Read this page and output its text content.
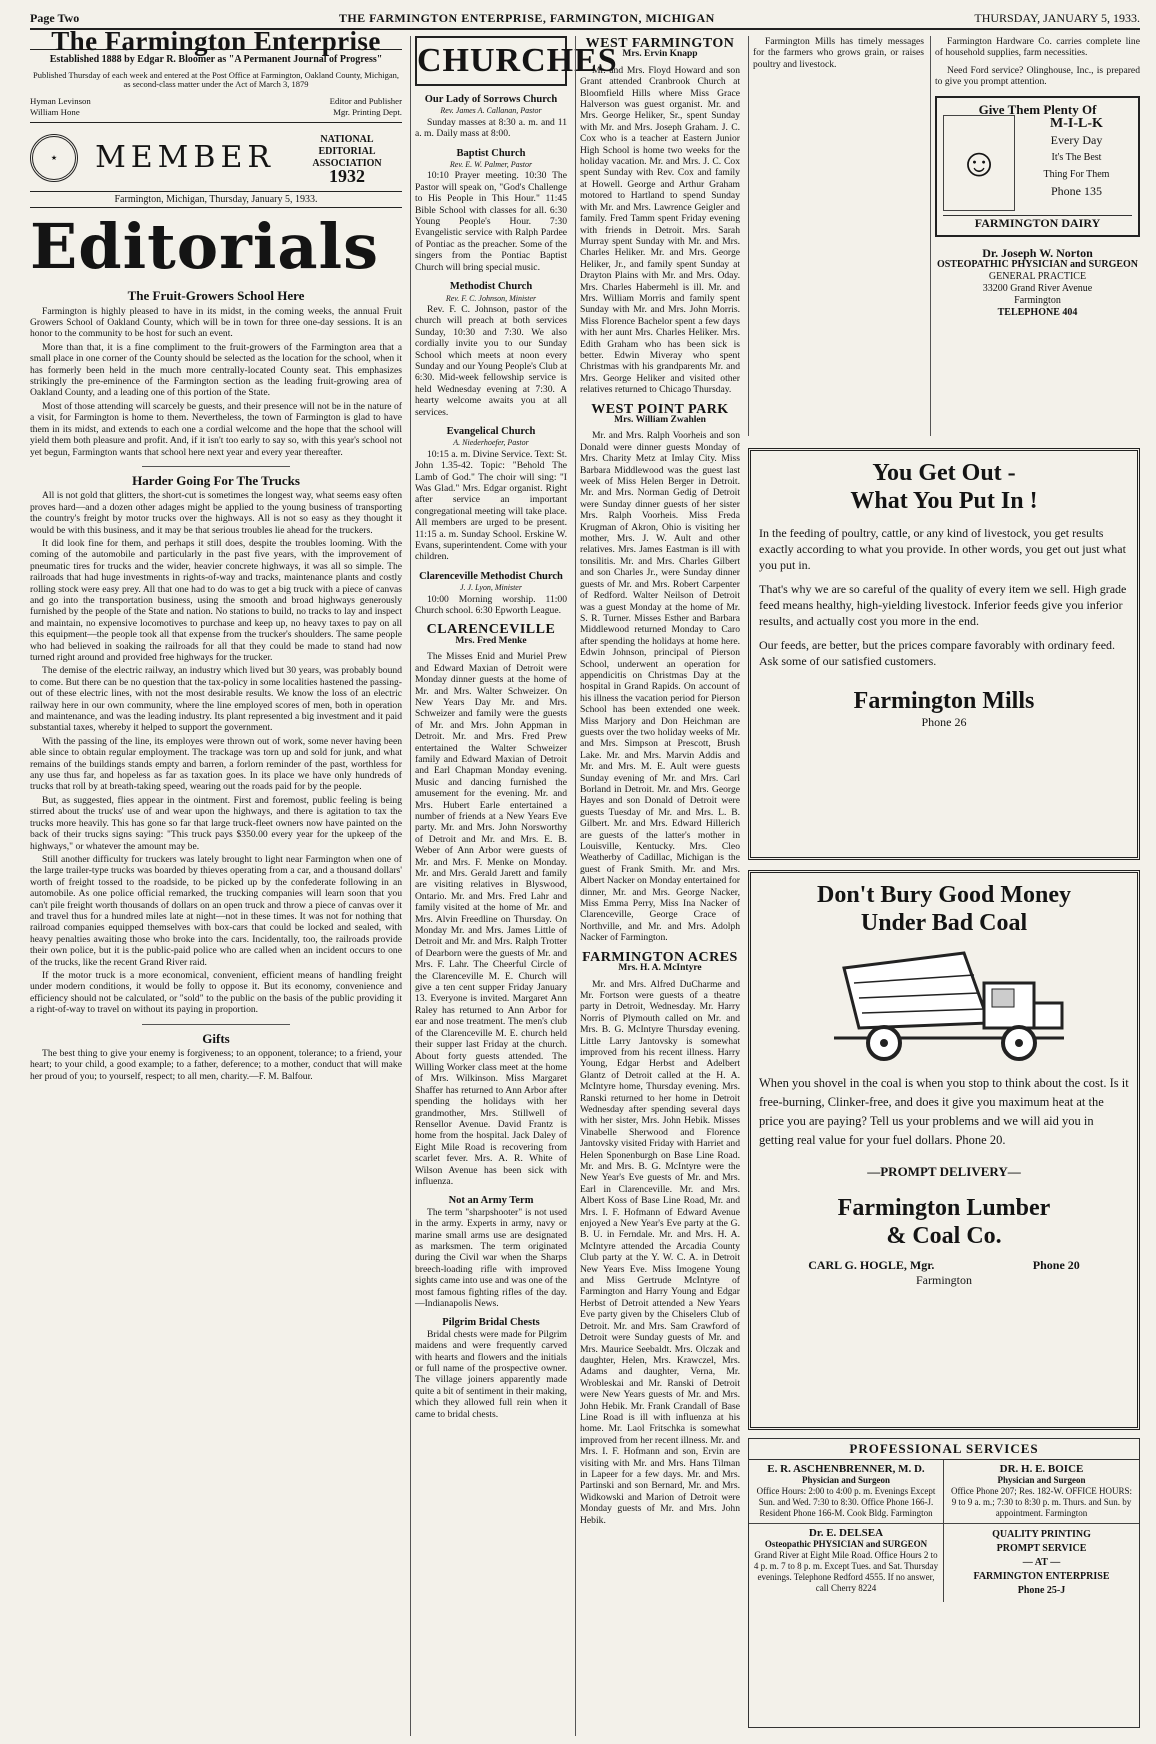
Page Two	THE FARMINGTON ENTERPRISE, FARMINGTON, MICHIGAN	THURSDAY, JANUARY 5, 1933.
The Farmington Enterprise
Established 1888 by Edgar R. Bloomer as "A Permanent Journal of Progress"
Published Thursday of each week and entered at the Post Office at Farmington, Oakland County, Michigan, as second-class matter under the Act of March 3, 1879
Hyman Levinson
William Hone
Editor and Publisher
Mgr. Printing Dept.
★	MEMBER
NATIONAL EDITORIAL ASSOCIATION
1932
Farmington, Michigan, Thursday, January 5, 1933.
Editorials
The Fruit-Growers School Here

Farmington is highly pleased to have in its midst, in the coming weeks, the annual Fruit Growers School of Oakland County, which will be in town for three one-day sessions. It is an honor to the community to be host for such an event.

More than that, it is a fine compliment to the fruit-growers of the Farmington area that a small place in one corner of the County should be selected as the location for the school, when it has formerly been held in the much more centrally-located County seat. This emphasizes strikingly the pre-eminence of the Farmington section as the leading fruit-growing area of Oakland County, and a leading one of this portion of the State.

Most of those attending will scarcely be guests, and their presence will not be in the nature of a visit, for Farmington is home to them. Nevertheless, the town of Farmington is glad to have them in its midst, and extends to each one a cordial welcome and the hope that the school will yield them both pleasure and profit. And, if it isn't too early to say so, with this year's school not yet begun, Farmington wants that school here next year and every year thereafter.

Harder Going For The Trucks

All is not gold that glitters, the short-cut is sometimes the longest way, what seems easy often proves hard—and a dozen other adages might be applied to the young business of transporting the country's freight by motor trucks over the highways. All is not so easy as they thought it would be with this business, and it may be that serious troubles lie ahead for the truckers.

It did look fine for them, and perhaps it still does, despite the troubles looming. With the coming of the automobile and particularly in the past five years, with the improvement of pneumatic tires for trucks and the wider, heavier concrete highways, it was all so simple. The railroads that had huge investments in rights-of-way and tracks, maintenance plants and costly rolling stock were easy prey. All that one had to do was to get a big truck with a piece of canvas and go into the transportation business, using the smooth and broad highways generously furnished by the people of the State and nation. No stations to build, no tracks to lay and inspect and maintain, no expensive locomotives to purchase and keep up, no heavy taxes to pay on all this equipment—the people took all that expense from the trucker's shoulders. The same people who had believed in soaking the railroads for all that they could be made to stand had now turned right around and provided free highways for the trucker.

The demise of the electric railway, an industry which lived but 30 years, was probably bound to come. But there can be no question that the tax-policy in some localities hastened the passing-out of these electric lines, with not the most desirable results. We know the loss of an electric railway here in our own community, where the line employed scores of men, both in operation and maintenance, and was the leading industry. Its plant represented a big investment and it paid substantial taxes, whereby it helped to support the government.

With the passing of the line, its employes were thrown out of work, some never having been able since to obtain regular employment. The trackage was torn up and sold for junk, and what remains of the buildings stands empty and barren, a forlorn reminder of the past, worthless for any use thus far, and hopeless as far as taxation goes. In its place we have only hundreds of trucks that roll by at breath-taking speed, wearing out the roads paid for by the people.

But, as suggested, flies appear in the ointment. First and foremost, public feeling is being stirred about the trucks' use of and wear upon the highways, and there is agitation to tax the trucks more heavily. This has gone so far that large truck-fleet owners now have painted on the back of their trucks signs saying: "This truck pays $350.00 every year for the upkeep of the highways," or whatever the amount may be.

Still another difficulty for truckers was lately brought to light near Farmington when one of the large trailer-type trucks was boarded by thieves operating from a car, and a thousand dollars' worth of freight tossed to the roadside, to be picked up by the confederate following in an automobile. As one police official remarked, the trucking companies will learn soon that you can't pile freight worth thousands of dollars on an open truck and throw a piece of canvas over it and travel thus for a hundred miles late at night—not in these times. It was not for nothing that railroad companies equipped themselves with box-cars that could be locked and sealed, with heavy penalties awaiting those who broke into the cars. Incidentally, too, the railroads provide their own police, but it is the public-paid police who are called when an incident occurs to one of the trucks, like the recent Grand River raid.

If the motor truck is a more economical, convenient, efficient means of handling freight under modern conditions, it would be folly to oppose it. But its economy, convenience and efficiency should not be calculated, or "sold" to the public on the basis of the public providing it a right-of-way to travel on without its paying in proportion.

Gifts

The best thing to give your enemy is forgiveness; to an opponent, tolerance; to a friend, your heart; to your child, a good example; to a father, deference; to a mother, conduct that will make her proud of you; to yourself, respect; to all men, charity.—F. M. Balfour.

CHURCHES
Our Lady of Sorrows Church
Rev. James A. Callanan, Pastor

Sunday masses at 8:30 a. m. and 11 a. m. Daily mass at 8:00.

Baptist Church
Rev. E. W. Palmer, Pastor

10:10 Prayer meeting. 10:30 The Pastor will speak on, "God's Challenge to His People in This Hour." 11:45 Bible School with classes for all. 6:30 Young People's Hour. 7:30 Evangelistic service with Ralph Pardee of Pontiac as the preacher. Some of the singers from the Pontiac Baptist Church will bring special music.

Methodist Church
Rev. F. C. Johnson, Minister

Rev. F. C. Johnson, pastor of the church will preach at both services Sunday, 10:30 and 7:30. We also cordially invite you to our Sunday School which meets at noon every Sunday and our Young People's Club at 6:30. Mid-week fellowship service is held Wednesday evening at 7:30. A hearty welcome awaits you at all services.

Evangelical Church
A. Niederhoefer, Pastor

10:15 a. m. Divine Service. Text: St. John 1.35-42. Topic: "Behold The Lamb of God." The choir will sing: "I Was Glad." Mrs. Edgar organist. Right after service an important congregational meeting will take place. All members are urged to be present. 11:15 a. m. Sunday School. Erskine W. Evans, superintendent. Come with your children.

Clarenceville Methodist Church
J. J. Lyon, Minister

10:00 Morning worship. 11:00 Church school. 6:30 Epworth League.

CLARENCEVILLE
Mrs. Fred Menke

The Misses Enid and Muriel Prew and Edward Maxian of Detroit were Monday dinner guests at the home of Mr. and Mrs. Walter Schweizer. On New Years Day Mr. and Mrs. Schweizer and family were the guests of Mr. and Mrs. John Appman in Detroit. Mr. and Mrs. Fred Prew entertained the Walter Schweizer family and Edward Maxian of Detroit and Earl Chapman Monday evening. Music and dancing furnished the amusement for the evening. Mr. and Mrs. Hubert Earle entertained a number of friends at a New Years Eve party. Mr. and Mrs. John Norsworthy of Detroit and Mr. and Mrs. E. B. Weber of Ann Arbor were guests of Mr. and Mrs. F. Menke on Monday. Mr. and Mrs. Gerald Jarett and family are visiting relatives in Blyswood, Ontario. Mr. and Mrs. Fred Lahr and family visited at the home of Mr. and Mrs. Alvin Freedline on Thursday. On Monday Mr. and Mrs. James Little of Detroit and Mr. and Mrs. Ralph Trotter of Dearborn were the guests of Mr. and Mrs. F. Lahr. The Cheerful Circle of the Clarenceville M. E. Church will give a ten cent supper Friday January 13. Everyone is invited. Margaret Ann Raley has returned to Ann Arbor for ear and nose treatment. The men's club of the Clarenceville M. E. church held their supper last Friday at the church. About forty guests attended. The Willing Worker class meet at the home of Mrs. Wilkinson. Miss Margaret Shaffer has returned to Ann Arbor after spending the holidays with her grandmother, Mrs. Stillwell of Rensellor Avenue. David Frantz is home from the hospital. Jack Daley of Eight Mile Road is recovering from scarlet fever. Mrs. A. R. White of Wilson Avenue has been sick with influenza.

Not an Army Term

The term "sharpshooter" is not used in the army. Experts in army, navy or marine small arms use are designated as marksmen. The term originated during the Civil war when the Sharps breech-loading rifle with improved sights came into use and was one of the most famous fighting rifles of the day.—Indianapolis News.

Pilgrim Bridal Chests

Bridal chests were made for Pilgrim maidens and were frequently carved with hearts and flowers and the initials or full name of the prospective owner. The village joiners apparently made quite a bit of sentiment in their making, which they allowed full rein when it came to bridal chests.

WEST FARMINGTON
Mrs. Ervin Knapp

Mr. and Mrs. Floyd Howard and son Grant attended Cranbrook Church at Bloomfield Hills where Miss Grace Halverson was guest organist. Mr. and Mrs. George Heliker, Sr., spent Sunday with Mr. and Mrs. Joseph Graham. J. C. Cox who is a teacher at Eastern Junior High School is home two weeks for the holiday vacation. Mr. and Mrs. J. C. Cox spent Sunday with Rev. Cox and family at Howell. George and Arthur Graham motored to Hartland to spend Sunday with Mr. and Mrs. Lawrence Geigler and family. Fred Tamm spent Friday evening with friends in Detroit. Mrs. Sarah Murray spent Sunday with Mr. and Mrs. Charles Heliker. Mr. and Mrs. George Heliker, Jr., and family spent Sunday at Drayton Plains with Mr. and Mrs. Oday. Mrs. Charles Habermehl is ill. Mr. and Mrs. William Morris and family spent Sunday with Mr. and Mrs. John Morris. Miss Florence Bachelor spent a few days with her aunt Mrs. Charles Heliker. Mrs. Edith Graham who has been sick is better. Edwin Miveray who spent Christmas with his grandparents Mr. and Mrs. George Heliker and visited other relatives returned to Chicago Thursday.

WEST POINT PARK
Mrs. William Zwahlen

Mr. and Mrs. Ralph Voorheis and son Donald were dinner guests Monday of Mrs. Charity Metz at Imlay City. Miss Barbara Middlewood was the guest last week of Miss Helen Berger in Detroit. Mr. and Mrs. Norman Gedig of Detroit were Sunday dinner guests of her sister Mrs. Ralph Voorheis. Miss Freda Krugman of Akron, Ohio is visiting her mother, Mrs. J. W. Ault and other relatives. Mrs. James Eastman is ill with tonsilitis. Mr. and Mrs. Charles Gilbert and son Charles Jr., were Sunday dinner guests of Mr. and Mrs. Robert Carpenter of Redford. Walter Neilson of Detroit was a guest Monday at the home of Mr. S. R. Turner. Misses Esther and Barbara Middlewood returned Monday to Caro after spending the holidays at home here. Edwin Johnson, principal of Pierson School, underwent an operation for appendicitis on Christmas Day at the hospital in Grand Rapids. On account of his illness the vacation period for Pierson School has been extended one week. Miss Marjory and Don Heichman are guests over the two holiday weeks of Mr. and Mrs. Simpson at Prescott, Brush Lake. Mr. and Mrs. Marvin Addis and Mr. and Mrs. M. E. Ault were guests Sunday evening of Mr. and Mrs. Carl Borland in Detroit. Mr. and Mrs. George Hayes and son Donald of Detroit were guests Tuesday of Mr. and Mrs. L. B. Gilbert. Mr. and Mrs. Edward Hillerich are guests of the latter's mother in Louisville, Kentucky. Mrs. Cleo Weatherby of Cadillac, Michigan is the guest of Frank Smith. Mr. and Mrs. Albert Nacker on Monday entertained for dinner, Mr. and Mrs. George Nacker, Miss Emma Perry, Miss Ina Nacker of Clarenceville, George Crace of Northville, and Mr. and Mrs. Adolph Nacker of Farmington.

FARMINGTON ACRES
Mrs. H. A. McIntyre

Mr. and Mrs. Alfred DuCharme and Mr. Fortson were guests of a theatre party in Detroit, Wednesday. Mr. Harry Norris of Plymouth called on Mr. and Mrs. B. G. McIntyre Thursday evening. Little Larry Jantovsky is somewhat improved from his recent illness. Harry Young, Edgar Herbst and Adelbert Glantz of Detroit called at the H. A. McIntyre home, Thursday evening. Mrs. Ranski returned to her home in Detroit Wednesday after spending several days with her sister, Mrs. John Hebik. Misses Vinabelle Sherwood and Florence Jantovsky visited Friday with Harriet and Helen Sponenburgh on Base Line Road. Mr. and Mrs. B. G. McIntyre were the New Year's Eve guests of Mr. and Mrs. Earl in Clarenceville. Mr. and Mrs. Albert Koss of Base Line Road, Mr. and Mrs. I. F. Hofmann of Edward Avenue enjoyed a New Year's Eve party at the G. B. U. in Ferndale. Mr. and Mrs. H. A. McIntyre attended the Arcadia County Club party at the Y. W. C. A. in Detroit New Years Eve. Miss Imogene Young and Miss Gertrude McIntyre of Farmington and Harry Young and Edgar Herbst of Detroit attended a New Years Eve party given by the Chiselers Club of Detroit. Mr. and Mrs. Sam Crawford of Detroit were Sunday guests of Mr. and Mrs. Maurice Seebaldt. Mrs. Olczak and daughter, Helen, Mrs. Krawczel, Mrs. Adams and daughter, Verna, Mr. Wrobleskai and Mr. Ranski of Detroit were New Years guests of Mr. and Mrs. John Hebik. Mr. Frank Crandall of Base Line Road is ill with influenza at his home. Mr. Laol Fritschka is somewhat improved from her recent illness. Mr. and Mrs. I. F. Hofmann and son, Ervin are visiting with Mr. and Mrs. Hans Tilman in Lapeer for a few days. Mr. and Mrs. Partinski and son Bernard, Mr. and Mrs. Widkowski and Marion of Detroit were Monday guests of Mr. and Mrs. John Hebik.

Farmington Mills has timely messages for the farmers who grows grain, or raises poultry and livestock.

Farmington Hardware Co. carries complete line of household supplies, farm necessities.

Need Ford service? Olinghouse, Inc., is prepared to give you prompt attention.

Give Them Plenty Of
☺
M-I-L-K
Every Day
It's The Best
Thing For Them
Phone 135
FARMINGTON DAIRY
Dr. Joseph W. Norton
OSTEOPATHIC PHYSICIAN and SURGEON
GENERAL PRACTICE
33200 Grand River Avenue
Farmington
TELEPHONE 404
You Get Out -
What You Put In !

In the feeding of poultry, cattle, or any kind of livestock, you get results exactly according to what you provide. In other words, you get out just what you put in.

That's why we are so careful of the quality of every item we sell. High grade feed means healthy, high-yielding livestock. Inferior feeds give you inferior results, and actually cost you more in the end.

Our feeds, are better, but the prices compare favorably with ordinary feed. Ask some of our satisfied customers.

Farmington Mills
Phone 26
Don't Bury Good Money
Under Bad Coal

When you shovel in the coal is when you stop to think about the cost. Is it free-burning, Clinker-free, and does it give you maximum heat at the price you are paying? Tell us your problems and we will aid you in getting real value for your fuel dollars. Phone 20.

—PROMPT DELIVERY—
Farmington Lumber
& Coal Co.
CARL G. HOGLE, Mgr.	Phone 20
Farmington
PROFESSIONAL SERVICES
E. R. ASCHENBRENNER, M. D.
Physician and Surgeon
Office Hours: 2:00 to 4:00 p. m. Evenings Except Sun. and Wed. 7:30 to 8:30. Office Phone 166-J. Resident Phone 166-M. Cook Bldg. Farmington
DR. H. E. BOICE
Physician and Surgeon
Office Phone 207; Res. 182-W. OFFICE HOURS: 9 to 9 a. m.; 7:30 to 8:30 p. m. Thurs. and Sun. by appointment. Farmington
Dr. E. DELSEA
Osteopathic PHYSICIAN and SURGEON
Grand River at Eight Mile Road. Office Hours 2 to 4 p. m. 7 to 8 p. m. Except Tues. and Sat. Thursday evenings. Telephone Redford 4555. If no answer, call Cherry 8224
QUALITY PRINTING
PROMPT SERVICE
— AT —
FARMINGTON ENTERPRISE
Phone 25-J
